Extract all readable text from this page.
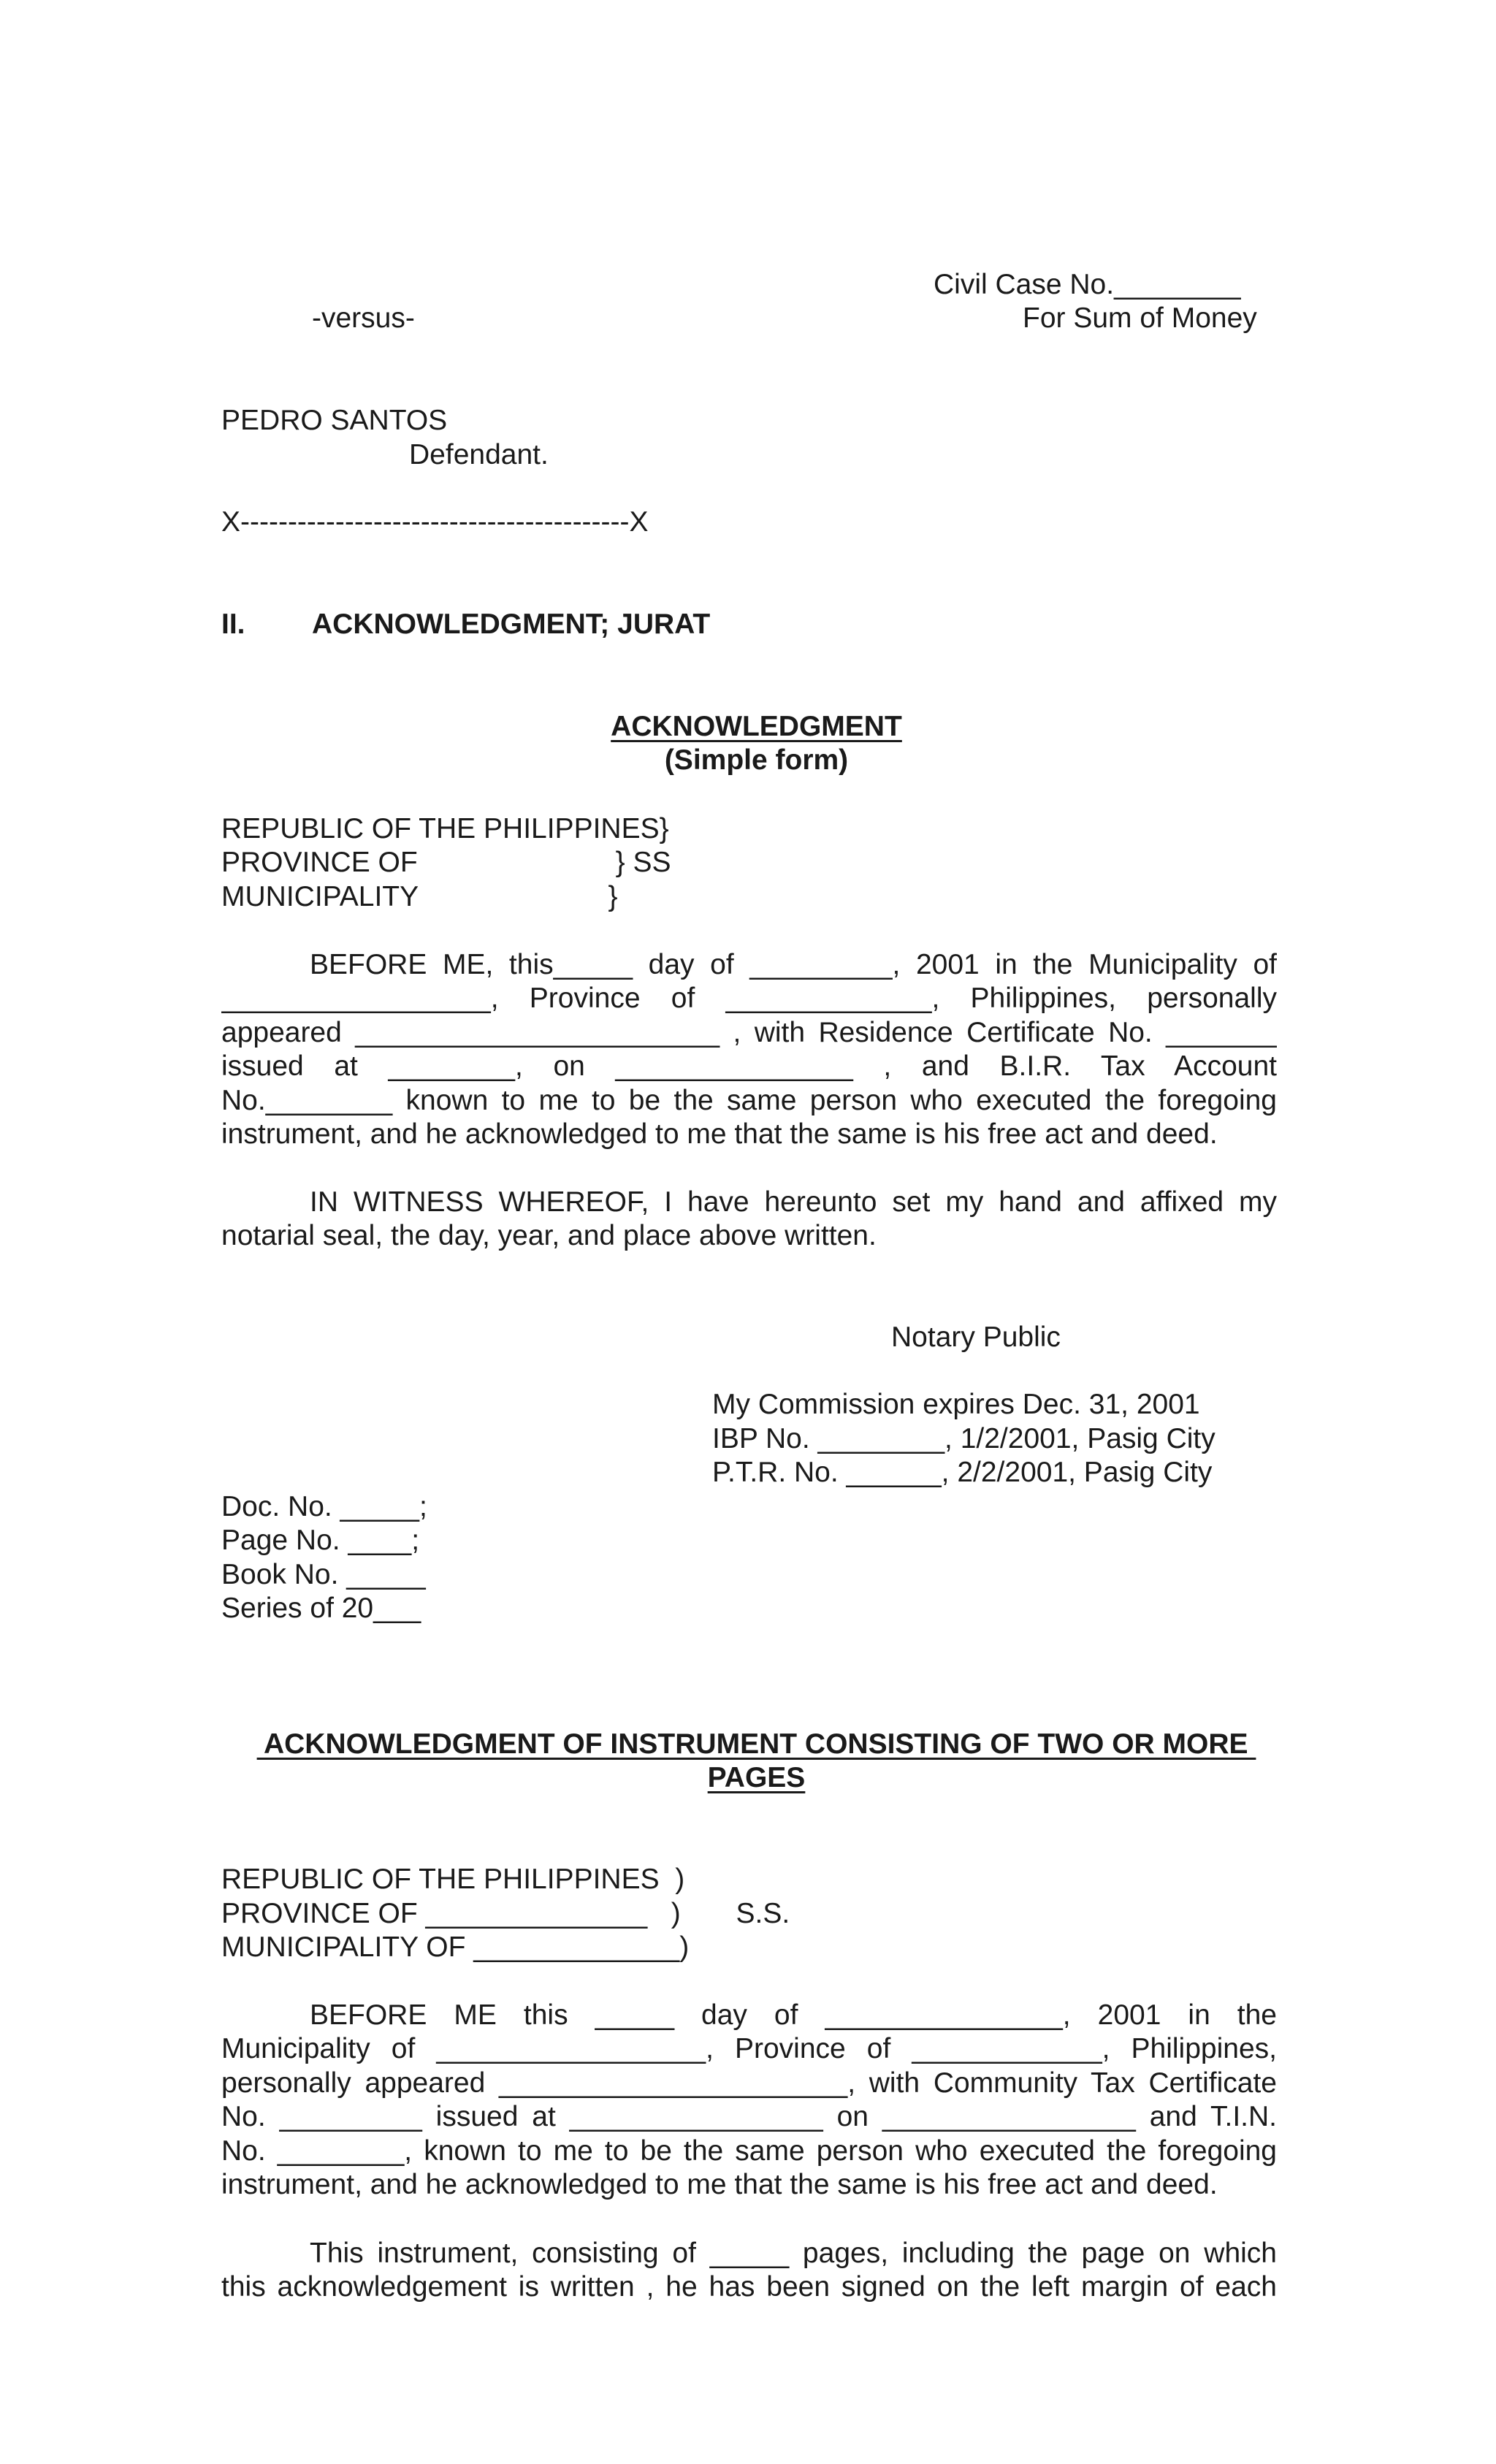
Civil Case No.________
-versus-	For Sum of Money
PEDRO SANTOS
Defendant.
X-----------------------------------------X
II. ACKNOWLEDGMENT; JURAT
ACKNOWLEDGMENT
(Simple form)
REPUBLIC OF THE PHILIPPINES}
PROVINCE OF                         } SS
MUNICIPALITY                        }
BEFORE ME, this_____ day of _________, 2001 in the Municipality of
_________________, Province of _____________, Philippines, personally
appeared _______________________ , with Residence Certificate No. _______
issued at ________, on _______________ , and B.I.R. Tax Account
No.________ known to me to be the same person who executed the foregoing
instrument, and he acknowledged to me that the same is his free act and deed.
IN WITNESS WHEREOF, I have hereunto set my hand and affixed my
notarial seal, the day, year, and place above written.
Notary Public
My Commission expires Dec. 31, 2001
IBP No. ________, 1/2/2001, Pasig City
P.T.R. No. ______, 2/2/2001, Pasig City
Doc. No. _____;
Page No. ____;
Book No. _____
Series of 20___
ACKNOWLEDGMENT OF INSTRUMENT CONSISTING OF TWO OR MORE
PAGES
REPUBLIC OF THE PHILIPPINES  )
PROVINCE OF ______________   )       S.S.
MUNICIPALITY OF _____________)
BEFORE ME this _____ day of _______________, 2001 in the
Municipality of _________________, Province of ____________, Philippines,
personally appeared ______________________, with Community Tax Certificate
No. _________ issued at ________________ on ________________ and T.I.N.
No. ________, known to me to be the same person who executed the foregoing
instrument, and he acknowledged to me that the same is his free act and deed.
This instrument, consisting of _____ pages, including the page on which
this acknowledgement is written , he has been signed on the left margin of each
